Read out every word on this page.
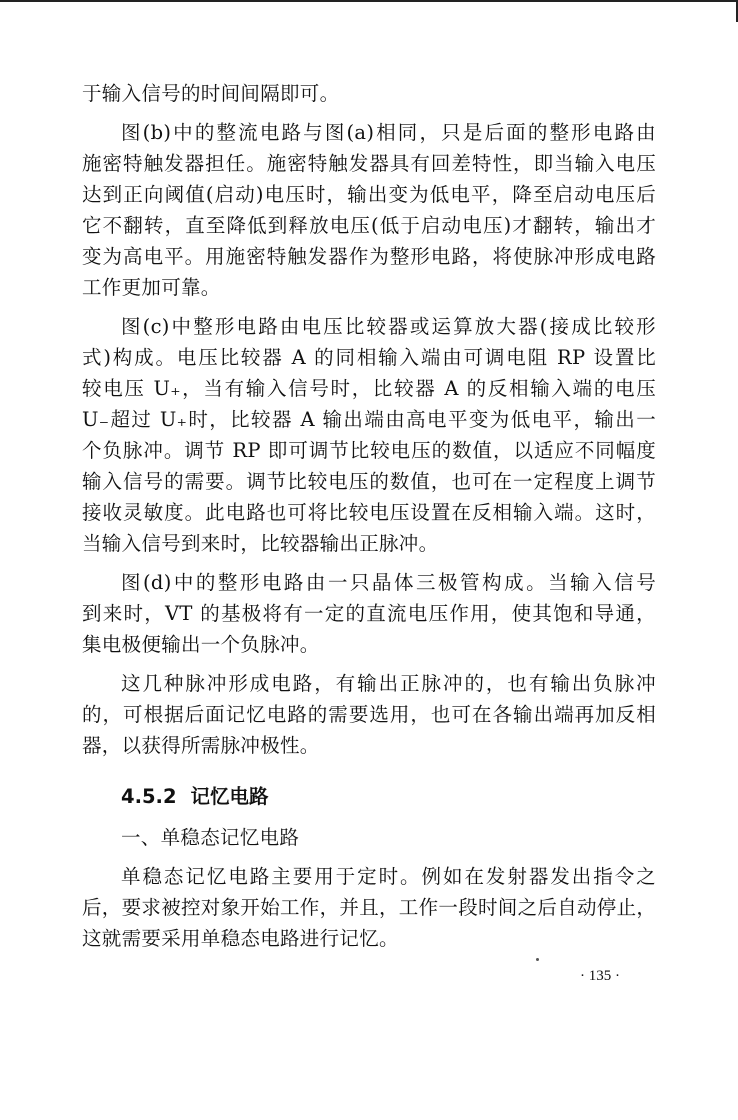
于输入信号的时间间隔即可。

图(b)中的整流电路与图(a)相同，只是后面的整形电路由

施密特触发器担任。施密特触发器具有回差特性，即当输入电压

达到正向阈值(启动)电压时，输出变为低电平，降至启动电压后

它不翻转，直至降低到释放电压(低于启动电压)才翻转，输出才

变为高电平。用施密特触发器作为整形电路，将使脉冲形成电路

工作更加可靠。

图(c)中整形电路由电压比较器或运算放大器(接成比较形

式)构成。电压比较器 A 的同相输入端由可调电阻 RP 设置比

较电压 U₊，当有输入信号时，比较器 A 的反相输入端的电压

U₋超过 U₊时，比较器 A 输出端由高电平变为低电平，输出一

个负脉冲。调节 RP 即可调节比较电压的数值，以适应不同幅度

输入信号的需要。调节比较电压的数值，也可在一定程度上调节

接收灵敏度。此电路也可将比较电压设置在反相输入端。这时，

当输入信号到来时，比较器输出正脉冲。

图(d)中的整形电路由一只晶体三极管构成。当输入信号

到来时，VT 的基极将有一定的直流电压作用，使其饱和导通，

集电极便输出一个负脉冲。

这几种脉冲形成电路，有输出正脉冲的，也有输出负脉冲

的，可根据后面记忆电路的需要选用，也可在各输出端再加反相

器，以获得所需脉冲极性。

4.5.2 记忆电路

一、单稳态记忆电路

单稳态记忆电路主要用于定时。例如在发射器发出指令之

后，要求被控对象开始工作，并且，工作一段时间之后自动停止，

这就需要采用单稳态电路进行记忆。

· 135 ·
